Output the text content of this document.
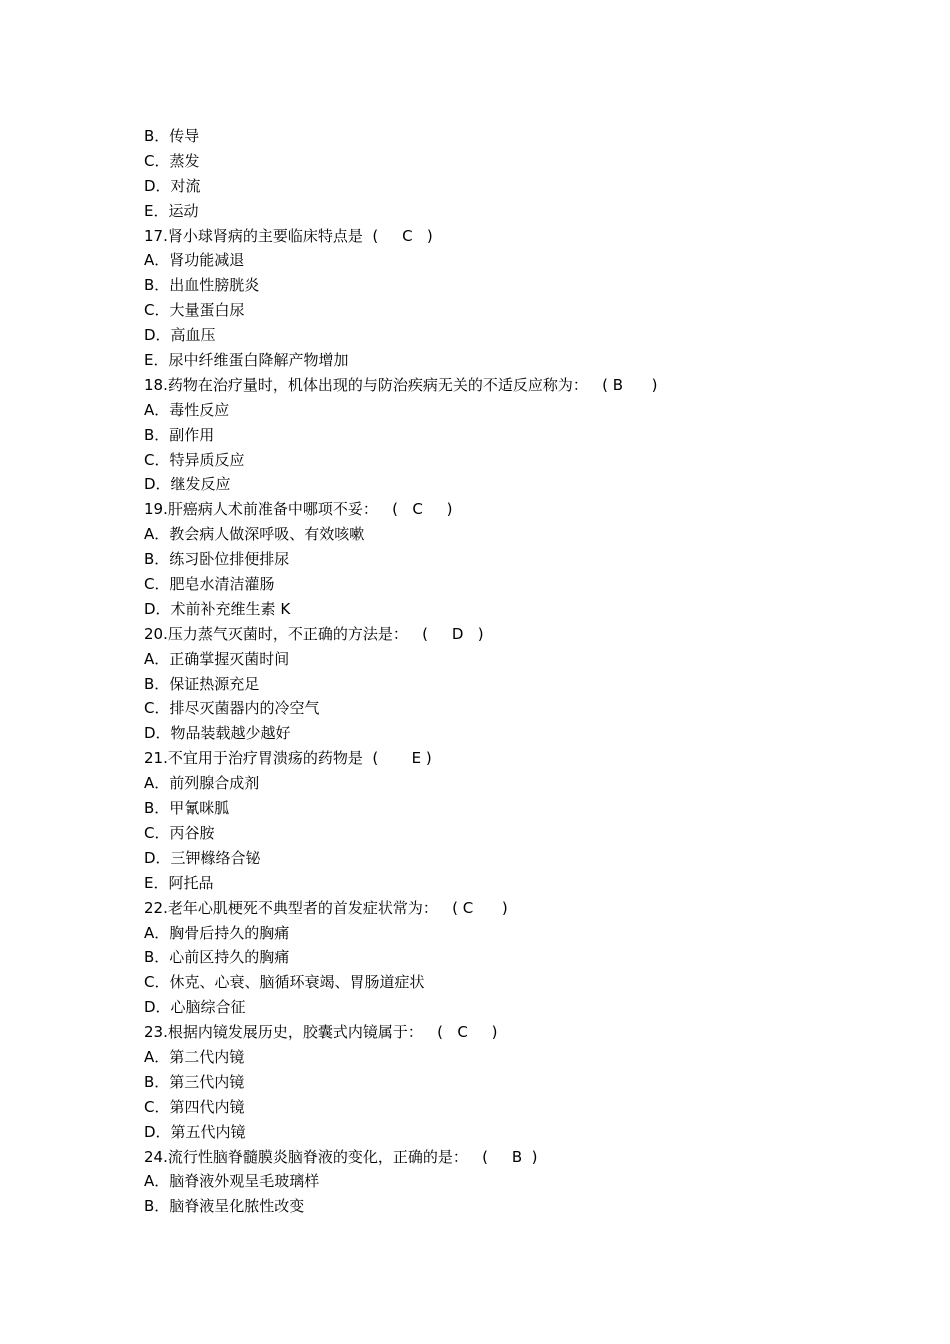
B．传导
C．蒸发
D．对流
E．运动
17.肾小球肾病的主要临床特点是  (     C   )
A．肾功能减退
B．出血性膀胱炎
C．大量蛋白尿
D．高血压
E．尿中纤维蛋白降解产物增加
18.药物在治疗量时，机体出现的与防治疾病无关的不适反应称为：   ( B      )
A．毒性反应
B．副作用
C．特异质反应
D．继发反应
19.肝癌病人术前准备中哪项不妥：   (   C     )
A．教会病人做深呼吸、有效咳嗽
B．练习卧位排便排尿
C．肥皂水清洁灌肠
D．术前补充维生素 K
20.压力蒸气灭菌时，不正确的方法是：   (     D   )
A．正确掌握灭菌时间
B．保证热源充足
C．排尽灭菌器内的冷空气
D．物品装载越少越好
21.不宜用于治疗胃溃疡的药物是  (       E )
A．前列腺合成剂
B．甲氰咪胍
C．丙谷胺
D．三钾橼络合铋
E．阿托品
22.老年心肌梗死不典型者的首发症状常为：   ( C      )
A．胸骨后持久的胸痛
B．心前区持久的胸痛
C．休克、心衰、脑循环衰竭、胃肠道症状
D．心脑综合征
23.根据内镜发展历史，胶囊式内镜属于：   (   C     )
A．第二代内镜
B．第三代内镜
C．第四代内镜
D．第五代内镜
24.流行性脑脊髓膜炎脑脊液的变化，正确的是：   (     B  )
A．脑脊液外观呈毛玻璃样
B．脑脊液呈化脓性改变
